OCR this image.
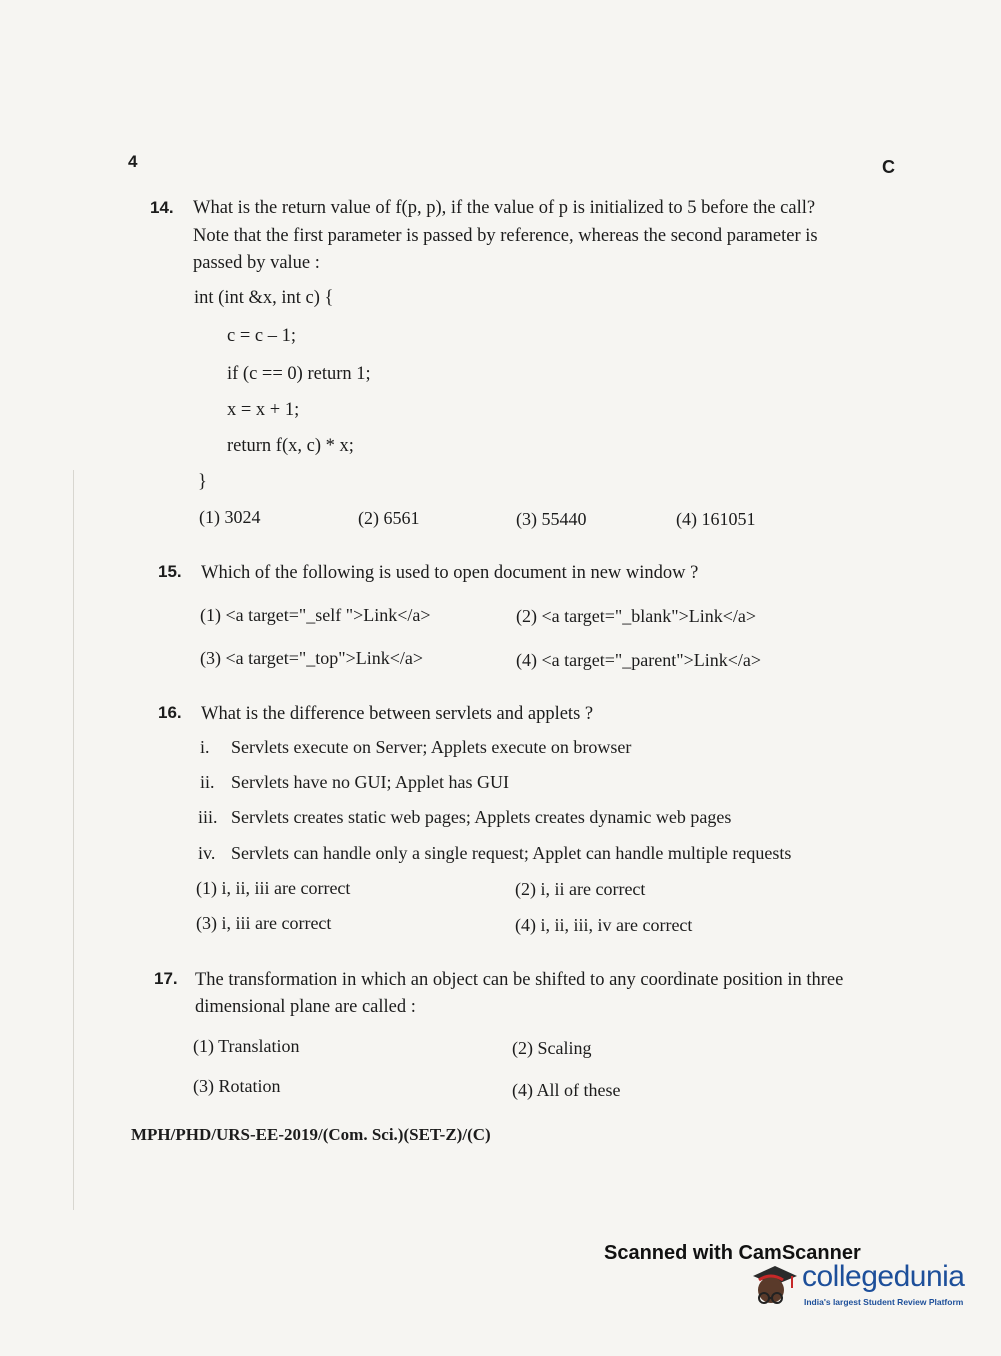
4	C
14. What is the return value of f(p, p), if the value of p is initialized to 5 before the call?
Note that the first parameter is passed by reference, whereas the second parameter is
passed by value :
int (int &x, int c) {
c = c – 1;
if (c == 0) return 1;
x = x + 1;
return f(x, c) * x;
}
(1) 3024	(2) 6561	(3) 55440	(4) 161051
15. Which of the following is used to open document in new window ?
(1) <a target="_self ">Link</a>	(2) <a target="_blank">Link</a>
(3) <a target="_top">Link</a>	(4) <a target="_parent">Link</a>
16. What is the difference between servlets and applets ?
i. Servlets execute on Server; Applets execute on browser
ii. Servlets have no GUI; Applet has GUI
iii. Servlets creates static web pages; Applets creates dynamic web pages
iv. Servlets can handle only a single request; Applet can handle multiple requests
(1) i, ii, iii are correct	(2) i, ii are correct
(3) i, iii are correct	(4) i, ii, iii, iv are correct
17. The transformation in which an object can be shifted to any coordinate position in three
dimensional plane are called :
(1) Translation	(2) Scaling
(3) Rotation	(4) All of these
MPH/PHD/URS-EE-2019/(Com. Sci.)(SET-Z)/(C)
Scanned with CamScanner
collegedunia
India's largest Student Review Platform
